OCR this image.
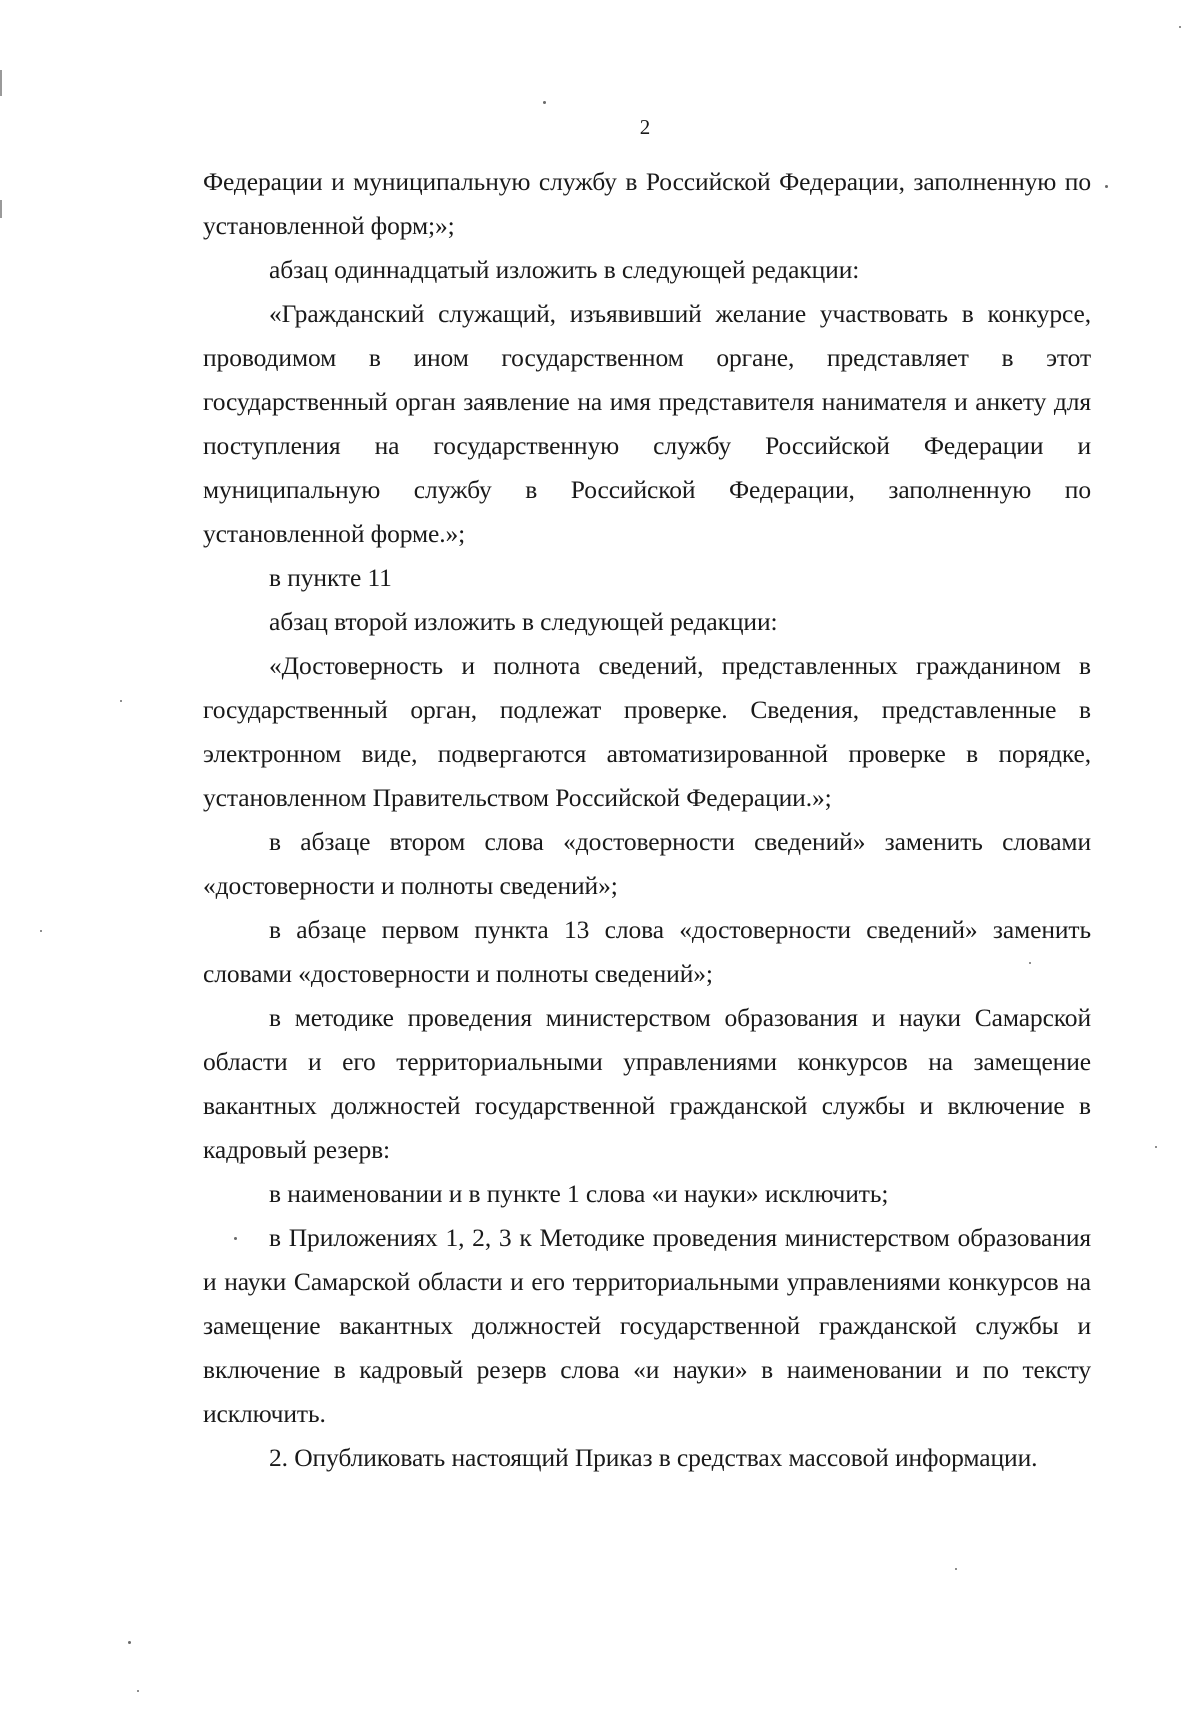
2

Федерации и муниципальную службу в Российской Федерации, заполненную по установленной форм;»;

абзац одиннадцатый изложить в следующей редакции:

«Гражданский служащий, изъявивший желание участвовать в конкурсе, проводимом в ином государственном органе, представляет в этот государственный орган заявление на имя представителя нанимателя и анкету для поступления на государственную службу Российской Федерации и муниципальную службу в Российской Федерации, заполненную по установленной форме.»;

в пункте 11

абзац второй изложить в следующей редакции:

«Достоверность и полнота сведений, представленных гражданином в государственный орган, подлежат проверке. Сведения, представленные в электронном виде, подвергаются автоматизированной проверке в порядке, установленном Правительством Российской Федерации.»;

в абзаце втором слова «достоверности сведений» заменить словами «достоверности и полноты сведений»;

в абзаце первом пункта 13 слова «достоверности сведений» заменить словами «достоверности и полноты сведений»;

в методике проведения министерством образования и науки Самарской области и его территориальными управлениями конкурсов на замещение вакантных должностей государственной гражданской службы и включение в кадровый резерв:

в наименовании и в пункте 1 слова «и науки» исключить;

в Приложениях 1, 2, 3 к Методике проведения министерством образования и науки Самарской области и его территориальными управлениями конкурсов на замещение вакантных должностей государственной гражданской службы и включение в кадровый резерв слова «и науки» в наименовании и по тексту исключить.

2. Опубликовать настоящий Приказ в средствах массовой информации.
